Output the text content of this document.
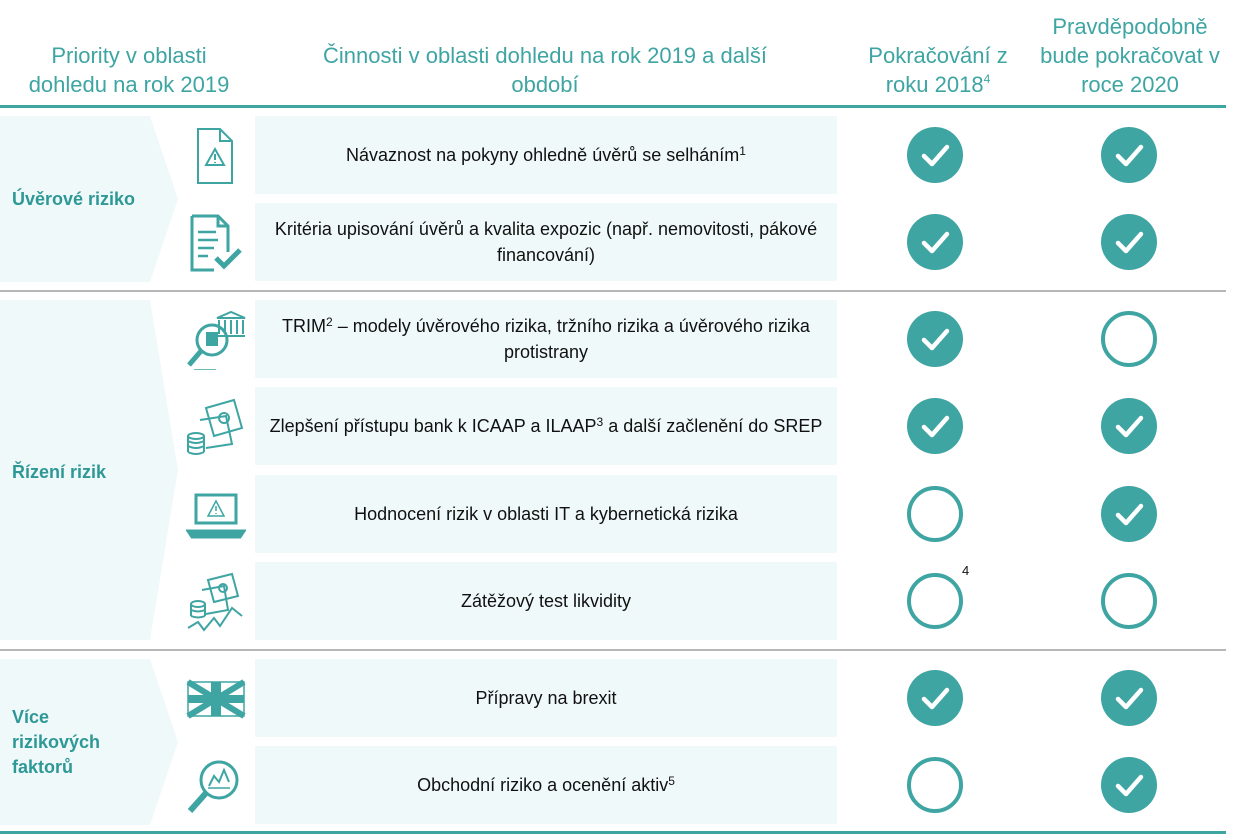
Priority v oblasti dohledu na rok 2019
Činnosti v oblasti dohledu na rok 2019 a další období
Pokračování z roku 2018$^4$
Pravděpodobně bude pokračovat v roce 2020
Úvěrové riziko
Řízení rizik
Více rizikových faktorů
Návaznost na pokyny ohledně úvěrů se selháním$^1$
Kritéria upisování úvěrů a kvalita expozic (např. nemovitosti, pákové financování)
TRIM$^2$ – modely úvěrového rizika, tržního rizika a úvěrového rizika protistrany
Zlepšení přístupu bank k ICAAP a ILAAP$^3$ a další začlenění do SREP
Hodnocení rizik v oblasti IT a kybernetická rizika
Zátěžový test likvidity
Přípravy na brexit
Obchodní riziko a ocenění aktiv$^5$
4
